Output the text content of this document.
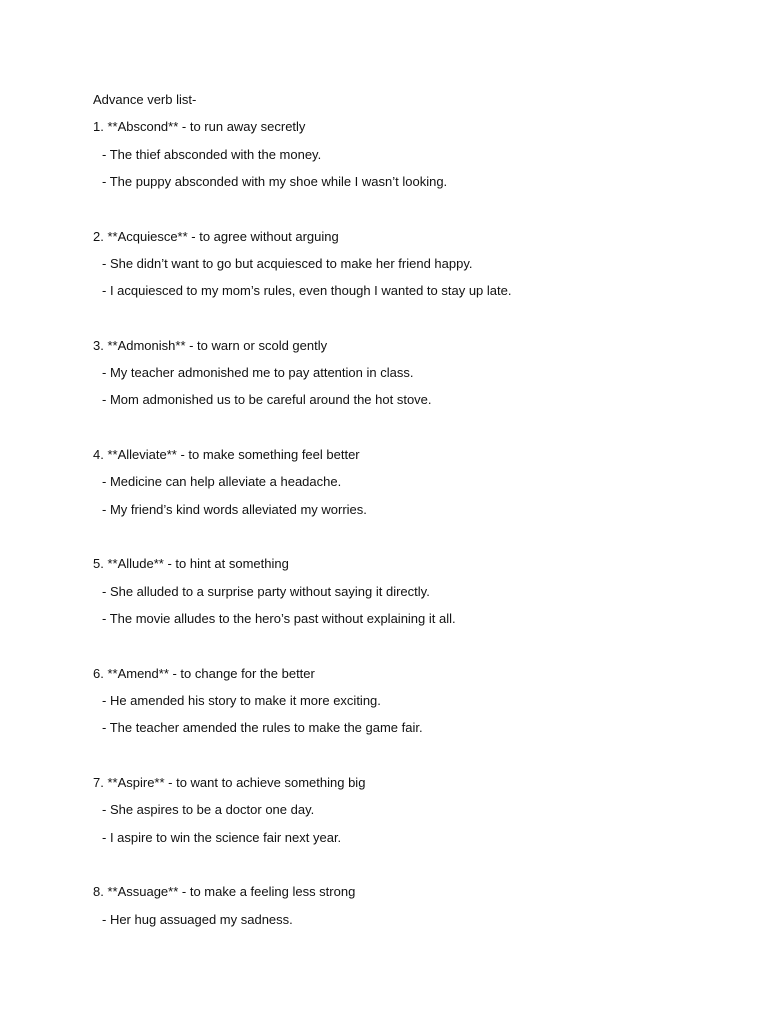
Advance verb list-
1. **Abscond** - to run away secretly
- The thief absconded with the money.
- The puppy absconded with my shoe while I wasn’t looking.
2. **Acquiesce** - to agree without arguing
- She didn’t want to go but acquiesced to make her friend happy.
- I acquiesced to my mom’s rules, even though I wanted to stay up late.
3. **Admonish** - to warn or scold gently
- My teacher admonished me to pay attention in class.
- Mom admonished us to be careful around the hot stove.
4. **Alleviate** - to make something feel better
- Medicine can help alleviate a headache.
- My friend’s kind words alleviated my worries.
5. **Allude** - to hint at something
- She alluded to a surprise party without saying it directly.
- The movie alludes to the hero’s past without explaining it all.
6. **Amend** - to change for the better
- He amended his story to make it more exciting.
- The teacher amended the rules to make the game fair.
7. **Aspire** - to want to achieve something big
- She aspires to be a doctor one day.
- I aspire to win the science fair next year.
8. **Assuage** - to make a feeling less strong
- Her hug assuaged my sadness.
